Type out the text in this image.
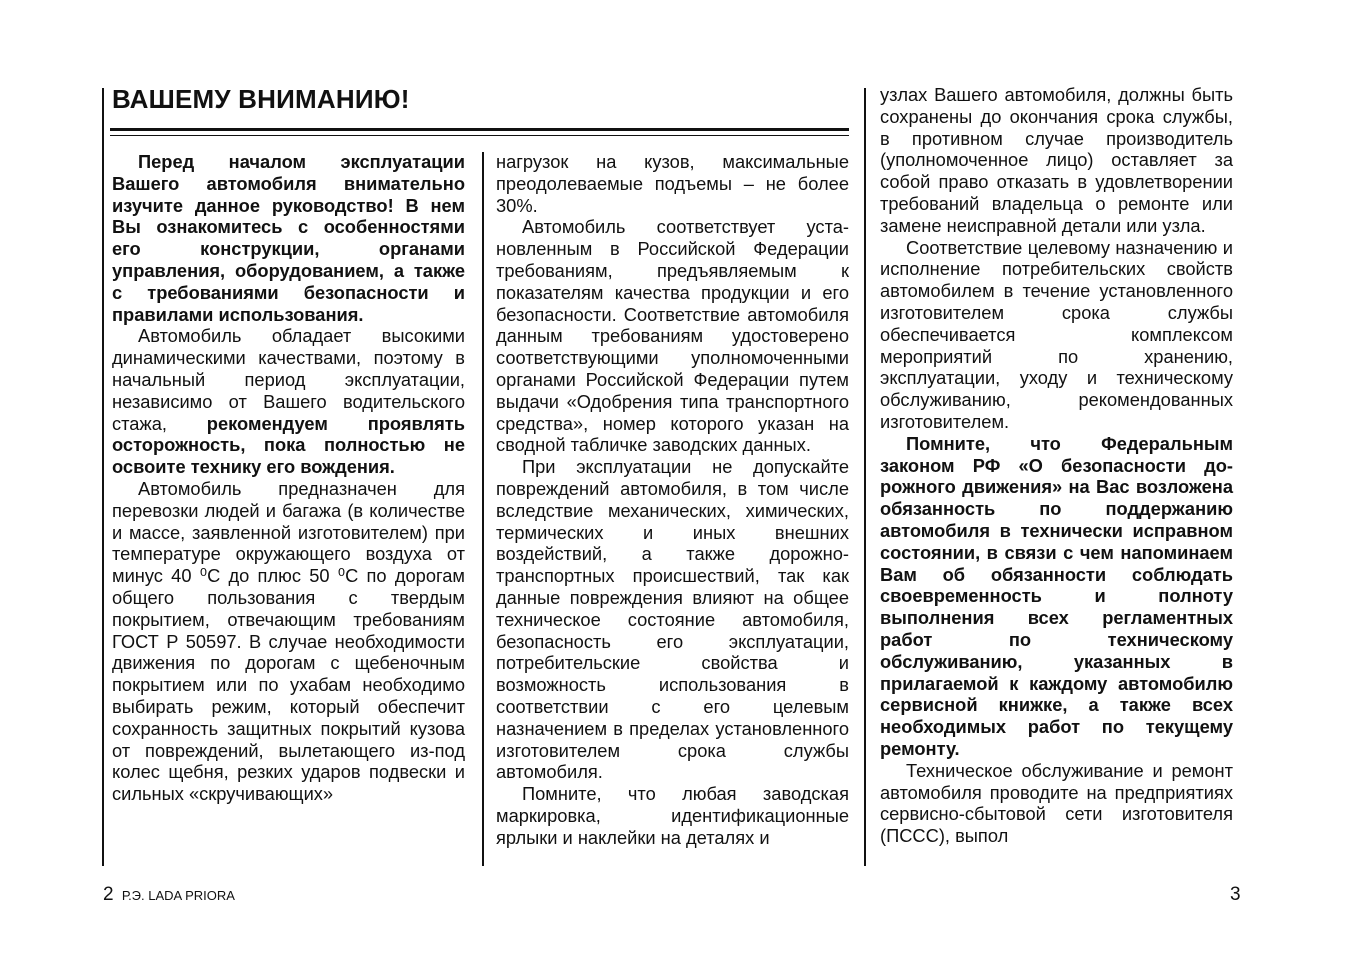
ВАШЕМУ ВНИМАНИЮ!

Перед началом эксплуатации Вашего автомобиля внимательно изучите данное руководство! В нем Вы ознакомитесь с особенностями его конструкции, органами управления, оборудованием, а также с требованиями безопасности и правилами использования.

Автомобиль обладает высокими динамическими качествами, поэтому в начальный период эксплуатации, независимо от Вашего водительского стажа, рекомендуем проявлять осторожность, пока полностью не освоите технику его вождения.

Автомобиль предназначен для перевозки людей и багажа (в количестве и массе, заявленной изготовителем) при температуре окружающего воздуха от минус 40 ⁰С до плюс 50 ⁰С по дорогам общего пользования с твердым покрытием, отвечающим требованиям ГОСТ Р 50597. В случае необходимости движения по дорогам с щебеночным покрытием или по ухабам необходимо выбирать режим, который обеспечит сохранность защитных покрытий кузова от повреждений, вылетающего из-под колес щебня, резких ударов подвески и сильных «скручивающих»

нагрузок на кузов, максимальные преодолеваемые подъемы – не более 30%.

Автомобиль соответствует установленным в Российской Федерации требованиям, предъявляемым к показателям качества продукции и его безопасности. Соответствие автомобиля данным требованиям удостоверено соответствующими уполномоченными органами Российской Федерации путем выдачи «Одобрения типа транспортного средства», номер которого указан на сводной табличке заводских данных.

При эксплуатации не допускайте повреждений автомобиля, в том числе вследствие механических, химических, термических и иных внешних воздействий, а также дорожно-транспортных происшествий, так как данные повреждения влияют на общее техническое состояние автомобиля, безопасность его эксплуатации, потребительские свойства и возможность использования в соответствии с его целевым назначением в пределах установленного изготовителем срока службы автомобиля.

Помните, что любая заводская маркировка, идентификационные ярлыки и наклейки на деталях и

узлах Вашего автомобиля, должны быть сохранены до окончания срока службы, в противном случае производитель (уполномоченное лицо) оставляет за собой право отказать в удовлетворении требований владельца о ремонте или замене неисправной детали или узла.

Соответствие целевому назначению и исполнение потребительских свойств автомобилем в течение установленного изготовителем срока службы обеспечивается комплексом мероприятий по хранению, эксплуатации, уходу и техническому обслуживанию, рекомендованных изготовителем.

Помните, что Федеральным законом РФ «О безопасности дорожного движения» на Вас возложена обязанность по поддержанию автомобиля в технически исправном состоянии, в связи с чем напоминаем Вам об обязанности соблюдать своевременность и полноту выполнения всех регламентных работ по техническому обслуживанию, указанных в прилагаемой к каждому автомобилю сервисной книжке, а также всех необходимых работ по текущему ремонту.

Техническое обслуживание и ремонт автомобиля проводите на предприятиях сервисно-сбытовой сети изготовителя (ПССС), выпол

2 Р.Э. LADA PRIORA	3
